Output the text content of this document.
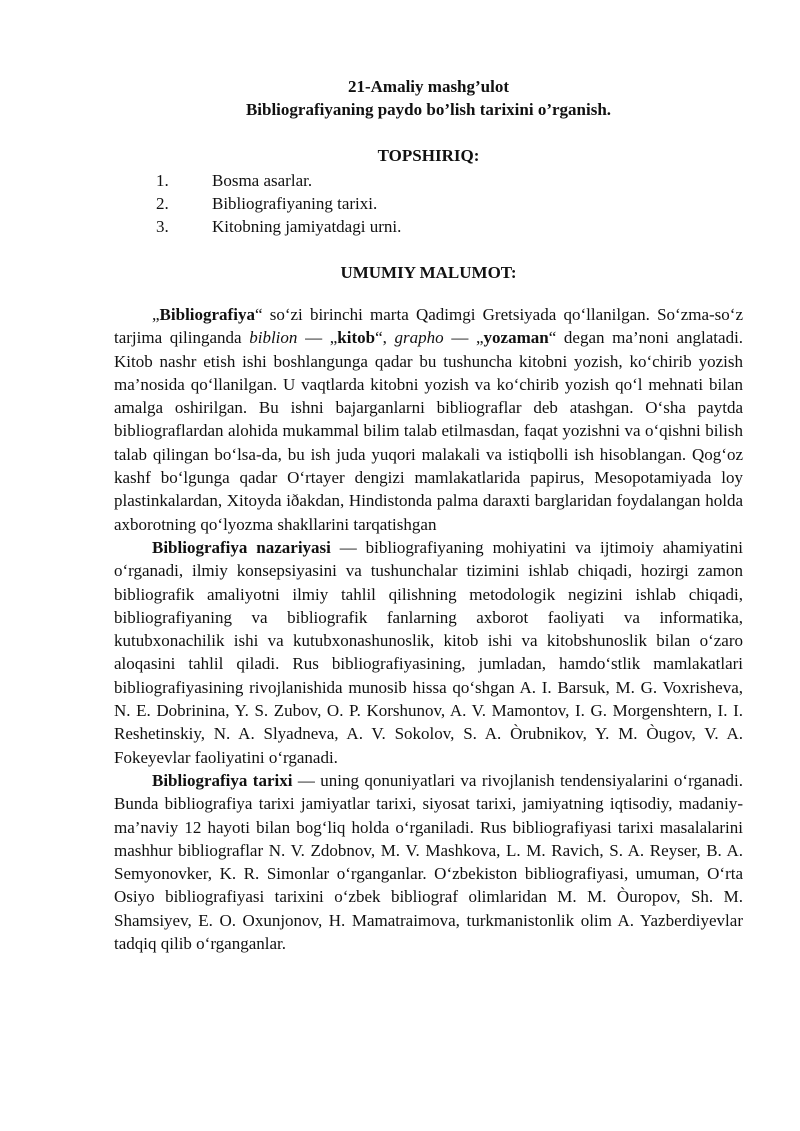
21-Amaliy mashg’ulot

Bibliografiyaning paydo bo’lish tarixini o’rganish.

TOPSHIRIQ:

1.	Bosma asarlar.
2.	Bibliografiyaning tarixi.
3.	Kitobning jamiyatdagi urni.

UMUMIY MALUMOT:

„Bibliografiya“ so‘zi birinchi marta Qadimgi Gretsiyada qo‘llanilgan. So‘zma-so‘z tarjima qilinganda biblion — „kitob“, grapho — „yozaman“ degan ma’noni anglatadi. Kitob nashr etish ishi boshlangunga qadar bu tushuncha kitobni yozish, ko‘chirib yozish ma’nosida qo‘llanilgan. U vaqtlarda kitobni yozish va ko‘chirib yozish qo‘l mehnati bilan amalga oshirilgan. Bu ishni bajarganlarni bibliograflar deb atashgan. O‘sha paytda bibliograflardan alohida mukammal bilim talab etilmasdan, faqat yozishni va o‘qishni bilish talab qilingan bo‘lsa-da, bu ish juda yuqori malakali va istiqbolli ish hisoblangan. Qog‘oz kashf bo‘lgunga qadar O‘rtayer dengizi mamlakatlarida papirus, Mesopotamiyada loy plastinkalardan, Xitoyda iðakdan, Hindistonda palma daraxti barglaridan foydalangan holda axborotning qo‘lyozma shakllarini tarqatishgan

Bibliografiya nazariyasi — bibliografiyaning mohiyatini va ijtimoiy ahamiyatini o‘rganadi, ilmiy konsepsiyasini va tushunchalar tizimini ishlab chiqadi, hozirgi zamon bibliografik amaliyotni ilmiy tahlil qilishning metodologik negizini ishlab chiqadi, bibliografiyaning va bibliografik fanlarning axborot faoliyati va informatika, kutubxonachilik ishi va kutubxonashunoslik, kitob ishi va kitobshunoslik bilan o‘zaro aloqasini tahlil qiladi. Rus bibliografiyasining, jumladan, hamdo‘stlik mamlakatlari bibliografiyasining rivojlanishida munosib hissa qo‘shgan A. I. Barsuk, M. G. Voxrisheva, N. E. Dobrinina, Y. S. Zubov, O. P. Korshunov, A. V. Mamontov, I. G. Morgenshtern, I. I. Reshetinskiy, N. A. Slyadneva, A. V. Sokolov, S. A. Òrubnikov, Y. M. Òugov, V. A. Fokeyevlar faoliyatini o‘rganadi.

Bibliografiya tarixi — uning qonuniyatlari va rivojlanish tendensiyalarini o‘rganadi. Bunda bibliografiya tarixi jamiyatlar tarixi, siyosat tarixi, jamiyatning iqtisodiy, madaniy-ma’naviy 12 hayoti bilan bog‘liq holda o‘rganiladi. Rus bibliografiyasi tarixi masalalarini mashhur bibliograflar N. V. Zdobnov, M. V. Mashkova, L. M. Ravich, S. A. Reyser, B. A. Semyonovker, K. R. Simonlar o‘rganganlar. O‘zbekiston bibliografiyasi, umuman, O‘rta Osiyo bibliografiyasi tarixini o‘zbek bibliograf olimlaridan M. M. Òuropov, Sh. M. Shamsiyev, E. O. Oxunjonov, H. Mamatraimova, turkmanistonlik olim A. Yazberdiyevlar tadqiq qilib o‘rganganlar.
